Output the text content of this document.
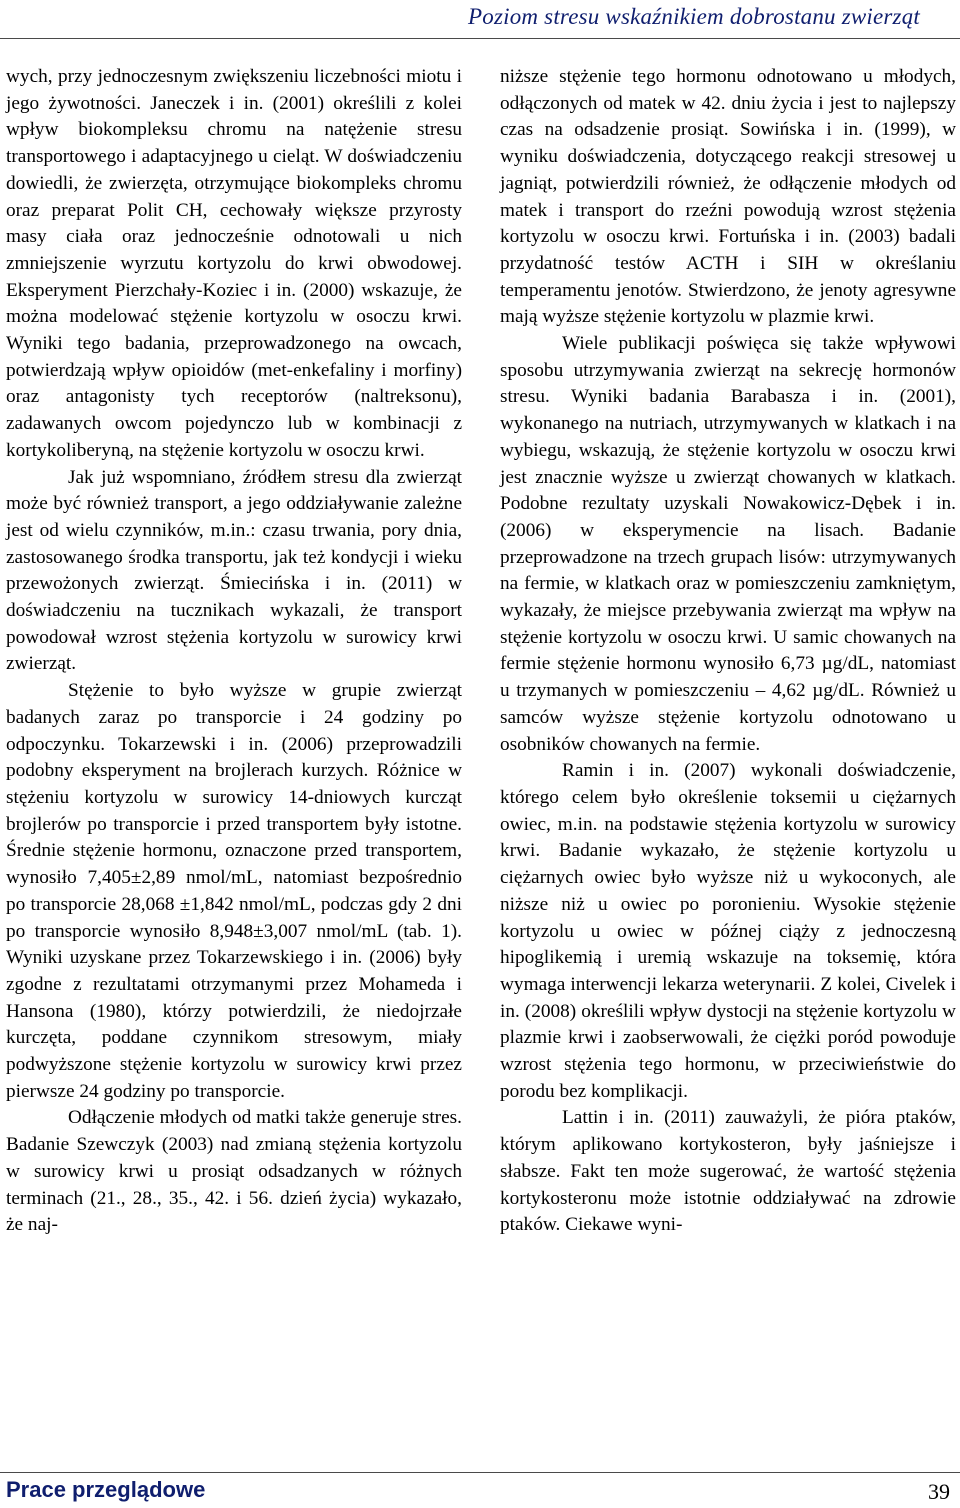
Poziom stresu wskaźnikiem dobrostanu zwierząt

wych, przy jednoczesnym zwiększeniu liczebności miotu i jego żywotności. Janeczek i in. (2001) określili z kolei wpływ biokompleksu chromu na natężenie stresu transportowego i adaptacyjnego u cieląt. W doświadczeniu dowiedli, że zwierzęta, otrzymujące biokompleks chromu oraz preparat Polit CH, cechowały większe przyrosty masy ciała oraz jednocześnie odnotowali u nich zmniejszenie wyrzutu kortyzolu do krwi obwodowej. Eksperyment Pierzchały-Koziec i in. (2000) wskazuje, że można modelować stężenie kortyzolu w osoczu krwi. Wyniki tego badania, przeprowadzonego na owcach, potwierdzają wpływ opioidów (met-enkefaliny i morfiny) oraz antagonisty tych receptorów (naltreksonu), zadawanych owcom pojedynczo lub w kombinacji z kortykoliberyną, na stężenie kortyzolu w osoczu krwi.

Jak już wspomniano, źródłem stresu dla zwierząt może być również transport, a jego oddziaływanie zależne jest od wielu czynników, m.in.: czasu trwania, pory dnia, zastosowanego środka transportu, jak też kondycji i wieku przewożonych zwierząt. Śmiecińska i in. (2011) w doświadczeniu na tucznikach wykazali, że transport powodował wzrost stężenia kortyzolu w surowicy krwi zwierząt.

Stężenie to było wyższe w grupie zwierząt badanych zaraz po transporcie i 24 godziny po odpoczynku. Tokarzewski i in. (2006) przeprowadzili podobny eksperyment na brojlerach kurzych. Różnice w stężeniu kortyzolu w surowicy 14-dniowych kurcząt brojlerów po transporcie i przed transportem były istotne. Średnie stężenie hormonu, oznaczone przed transportem, wynosiło 7,405±2,89 nmol/mL, natomiast bezpośrednio po transporcie 28,068 ±1,842 nmol/mL, podczas gdy 2 dni po transporcie wynosiło 8,948±3,007 nmol/mL (tab. 1). Wyniki uzyskane przez Tokarzewskiego i in. (2006) były zgodne z rezultatami otrzymanymi przez Mohameda i Hansona (1980), którzy potwierdzili, że niedojrzałe kurczęta, poddane czynnikom stresowym, miały podwyższone stężenie kortyzolu w surowicy krwi przez pierwsze 24 godziny po transporcie.

Odłączenie młodych od matki także generuje stres. Badanie Szewczyk (2003) nad zmianą stężenia kortyzolu w surowicy krwi u prosiąt odsadzanych w różnych terminach (21., 28., 35., 42. i 56. dzień życia) wykazało, że naj-

niższe stężenie tego hormonu odnotowano u młodych, odłączonych od matek w 42. dniu życia i jest to najlepszy czas na odsadzenie prosiąt. Sowińska i in. (1999), w wyniku doświadczenia, dotyczącego reakcji stresowej u jagniąt, potwierdzili również, że odłączenie młodych od matek i transport do rzeźni powodują wzrost stężenia kortyzolu w osoczu krwi. Fortuńska i in. (2003) badali przydatność testów ACTH i SIH w określaniu temperamentu jenotów. Stwierdzono, że jenoty agresywne mają wyższe stężenie kortyzolu w plazmie krwi.

Wiele publikacji poświęca się także wpływowi sposobu utrzymywania zwierząt na sekrecję hormonów stresu. Wyniki badania Barabasza i in. (2001), wykonanego na nutriach, utrzymywanych w klatkach i na wybiegu, wskazują, że stężenie kortyzolu w osoczu krwi jest znacznie wyższe u zwierząt chowanych w klatkach. Podobne rezultaty uzyskali Nowakowicz-Dębek i in. (2006) w eksperymencie na lisach. Badanie przeprowadzone na trzech grupach lisów: utrzymywanych na fermie, w klatkach oraz w pomieszczeniu zamkniętym, wykazały, że miejsce przebywania zwierząt ma wpływ na stężenie kortyzolu w osoczu krwi. U samic chowanych na fermie stężenie hormonu wynosiło 6,73 µg/dL, natomiast u trzymanych w pomieszczeniu – 4,62 µg/dL. Również u samców wyższe stężenie kortyzolu odnotowano u osobników chowanych na fermie.

Ramin i in. (2007) wykonali doświadczenie, którego celem było określenie toksemii u ciężarnych owiec, m.in. na podstawie stężenia kortyzolu w surowicy krwi. Badanie wykazało, że stężenie kortyzolu u ciężarnych owiec było wyższe niż u wykoconych, ale niższe niż u owiec po poronieniu. Wysokie stężenie kortyzolu u owiec w późnej ciąży z jednoczesną hipoglikemią i uremią wskazuje na toksemię, która wymaga interwencji lekarza weterynarii. Z kolei, Civelek i in. (2008) określili wpływ dystocji na stężenie kortyzolu w plazmie krwi i zaobserwowali, że ciężki poród powoduje wzrost stężenia tego hormonu, w przeciwieństwie do porodu bez komplikacji.

Lattin i in. (2011) zauważyli, że pióra ptaków, którym aplikowano kortykosteron, były jaśniejsze i słabsze. Fakt ten może sugerować, że wartość stężenia kortykosteronu może istotnie oddziaływać na zdrowie ptaków. Ciekawe wyni-

Prace przeglądowe	39
